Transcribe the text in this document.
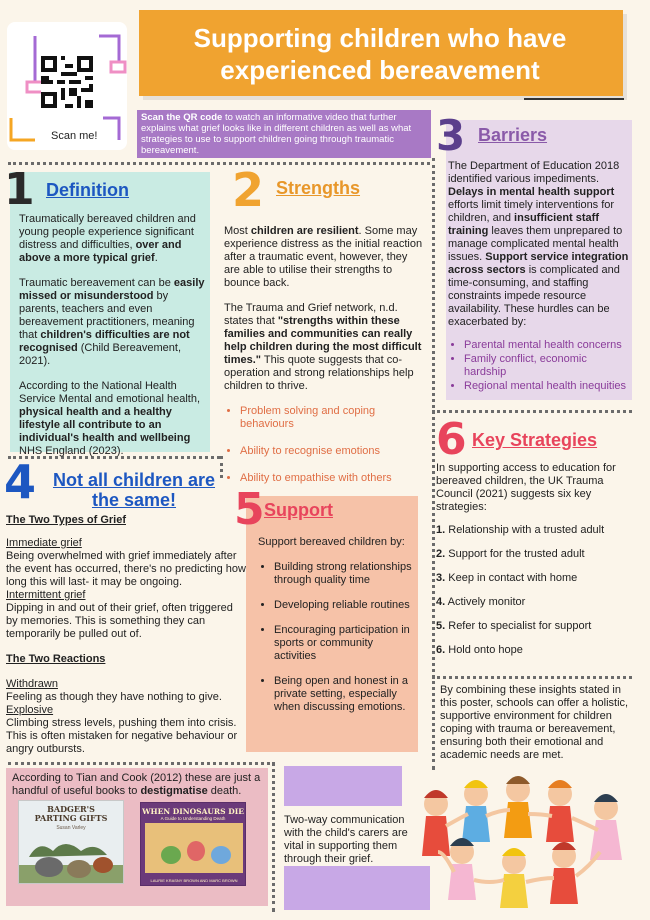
Scan me!
Supporting children who have experienced bereavement

Scan the QR code to watch an informative video that further explains what grief looks like in different children as well as what strategies to use to support children going through traumatic bereavement.

1 Definition

Traumatically bereaved children and young people experience significant distress and difficulties, over and above a more typical grief.

Traumatic bereavement can be easily missed or misunderstood by parents, teachers and even bereavement practitioners, meaning that children's difficulties are not recognised (Child Bereavement, 2021).

According to the National Health Service Mental and emotional health, physical health and a healthy lifestyle all contribute to an individual's health and wellbeing NHS England (2023).

2 Strengths

Most children are resilient. Some may experience distress as the initial reaction after a traumatic event, however, they are able to utilise their strengths to bounce back.

The Trauma and Grief network, n.d. states that "strengths within these families and communities can really help children during the most difficult times." This quote suggests that co-operation and strong relationships help children to thrive.

• Problem solving and coping behaviours
• Ability to recognise emotions
• Ability to empathise with others
3 Barriers

The Department of Education 2018 identified various impediments. Delays in mental health support efforts limit timely interventions for children, and insufficient staff training leaves them unprepared to manage complicated mental health issues. Support service integration across sectors is complicated and time-consuming, and staffing constraints impede resource availability. These hurdles can be exacerbated by:

• Parental mental health concerns
• Family conflict, economic hardship
• Regional mental health inequities
4 Not all children are the same!

The Two Types of Grief

Immediate grief

Being overwhelmed with grief immediately after the event has occurred, there's no predicting how long this will last- it may be ongoing.

Intermittent grief

Dipping in and out of their grief, often triggered by memories. This is something they can temporarily be pulled out of.

The Two Reactions

Withdrawn

Feeling as though they have nothing to give.

Explosive

Climbing stress levels, pushing them into crisis. This is often mistaken for negative behaviour or angry outbursts.

5 Support

Support bereaved children by:

• Building strong relationships through quality time
• Developing reliable routines
• Encouraging participation in sports or community activities
• Being open and honest in a private setting, especially when discussing emotions.
6 Key Strategies

In supporting access to education for bereaved children, the UK Trauma Council (2021) suggests six key strategies:

1. Relationship with a trusted adult

2. Support for the trusted adult

3. Keep in contact with home

4. Actively monitor

5. Refer to specialist for support

6. Hold onto hope

By combining these insights stated in this poster, schools can offer a holistic, supportive environment for children coping with trauma or bereavement, ensuring both their emotional and academic needs are met.

According to Tian and Cook (2012) these are just a handful of useful books to destigmatise death.

BADGER'S PARTING GIFTS
Susan Varley
WHEN DINOSAURS DIE
A Guide to Understanding Death
LAURIE KRASNY BROWN AND MARC BROWN
Two-way communication with the child's carers are vital in supporting them through their grief.
